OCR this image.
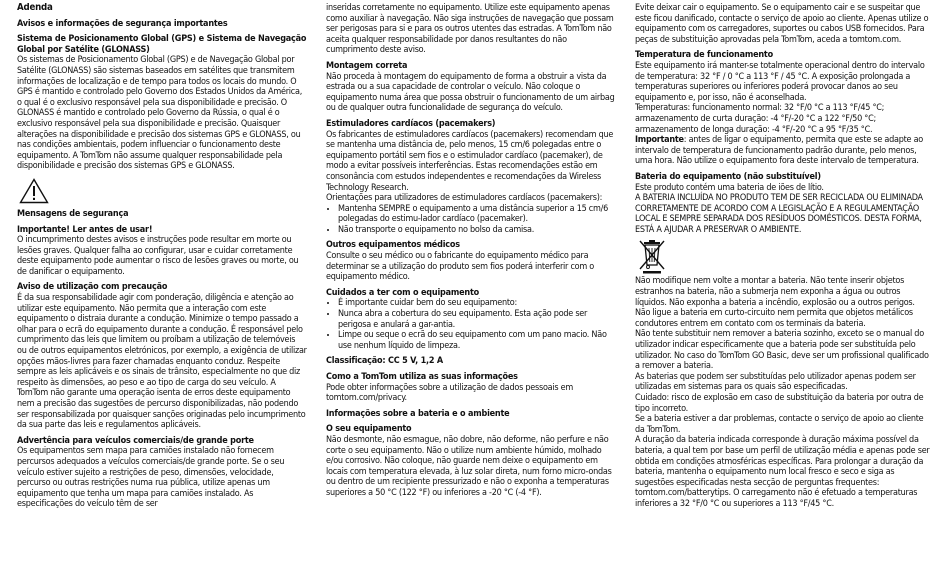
Adenda
Avisos e informações de segurança importantes
Sistema de Posicionamento Global (GPS) e Sistema de Navegação Global por Satélite (GLONASS)

Os sistemas de Posicionamento Global (GPS) e de Navegação Global por Satélite (GLONASS) são sistemas baseados em satélites que transmitem informações de localização e de tempo para todos os locais do mundo. O GPS é mantido e controlado pelo Governo dos Estados Unidos da América, o qual é o exclusivo responsável pela sua disponibilidade e precisão. O GLONASS é mantido e controlado pelo Governo da Rússia, o qual é o exclusivo responsável pela sua disponibilidade e precisão. Quaisquer alterações na disponibilidade e precisão dos sistemas GPS e GLONASS, ou nas condições ambientais, podem influenciar o funcionamento deste equipamento. A TomTom não assume qualquer responsabilidade pela disponibilidade e precisão dos sistemas GPS e GLONASS.

Mensagens de segurança
Importante! Ler antes de usar!

O incumprimento destes avisos e instruções pode resultar em morte ou lesões graves. Qualquer falha ao configurar, usar e cuidar corretamente deste equipamento pode aumentar o risco de lesões graves ou morte, ou de danificar o equipamento.

Aviso de utilização com precaução

É da sua responsabilidade agir com ponderação, diligência e atenção ao utilizar este equipamento. Não permita que a interação com este equipamento o distraia durante a condução. Minimize o tempo passado a olhar para o ecrã do equipamento durante a condução. É responsável pelo cumprimento das leis que limitem ou proíbam a utilização de telemóveis ou de outros equipamentos eletrónicos, por exemplo, a exigência de utilizar opções mãos-livres para fazer chamadas enquanto conduz. Respeite sempre as leis aplicáveis e os sinais de trânsito, especialmente no que diz respeito às dimensões, ao peso e ao tipo de carga do seu veículo. A TomTom não garante uma operação isenta de erros deste equipamento nem a precisão das sugestões de percurso disponibilizadas, não podendo ser responsabilizada por quaisquer sanções originadas pelo incumprimento da sua parte das leis e regulamentos aplicáveis.

Advertência para veículos comerciais/de grande porte

Os equipamentos sem mapa para camiões instalado não fornecem percursos adequados a veículos comerciais/de grande porte. Se o seu veículo estiver sujeito a restrições de peso, dimensões, velocidade, percurso ou outras restrições numa rua pública, utilize apenas um equipamento que tenha um mapa para camiões instalado. As especificações do veículo têm de ser

inseridas corretamente no equipamento. Utilize este equipamento apenas como auxiliar à navegação. Não siga instruções de navegação que possam ser perigosas para si e para os outros utentes das estradas. A TomTom não aceita qualquer responsabilidade por danos resultantes do não cumprimento deste aviso.

Montagem correta

Não proceda à montagem do equipamento de forma a obstruir a vista da estrada ou a sua capacidade de controlar o veículo. Não coloque o equipamento numa área que possa obstruir o funcionamento de um airbag ou de qualquer outra funcionalidade de segurança do veículo.

Estimuladores cardíacos (pacemakers)

Os fabricantes de estimuladores cardíacos (pacemakers) recomendam que se mantenha uma distância de, pelo menos, 15 cm/6 polegadas entre o equipamento portátil sem fios e o estimulador cardíaco (pacemaker), de modo a evitar possíveis interferências. Estas recomendações estão em consonância com estudos independentes e recomendações da Wireless Technology Research.

Orientações para utilizadores de estimuladores cardíacos (pacemakers):

• Mantenha SEMPRE o equipamento a uma distância superior a 15 cm/6 polegadas do estimu-lador cardíaco (pacemaker).
• Não transporte o equipamento no bolso da camisa.
Outros equipamentos médicos

Consulte o seu médico ou o fabricante do equipamento médico para determinar se a utilização do produto sem fios poderá interferir com o equipamento médico.

Cuidados a ter com o equipamento
• É importante cuidar bem do seu equipamento:
• Nunca abra a cobertura do seu equipamento. Esta ação pode ser perigosa e anulará a gar-antia.
• Limpe ou seque o ecrã do seu equipamento com um pano macio. Não use nenhum líquido de limpeza.
Classificação: CC 5 V, 1,2 A
Como a TomTom utiliza as suas informações

Pode obter informações sobre a utilização de dados pessoais em tomtom.com/privacy.

Informações sobre a bateria e o ambiente
O seu equipamento

Não desmonte, não esmague, não dobre, não deforme, não perfure e não corte o seu equipamento. Não o utilize num ambiente húmido, molhado e/ou corrosivo. Não coloque, não guarde nem deixe o equipamento em locais com temperatura elevada, à luz solar direta, num forno micro-ondas ou dentro de um recipiente pressurizado e não o exponha a temperaturas superiores a 50 °C (122 °F) ou inferiores a -20 °C (-4 °F).

Evite deixar cair o equipamento. Se o equipamento cair e se suspeitar que este ficou danificado, contacte o serviço de apoio ao cliente. Apenas utilize o equipamento com os carregadores, suportes ou cabos USB fornecidos. Para peças de substituição aprovadas pela TomTom, aceda a tomtom.com.

Temperatura de funcionamento

Este equipamento irá manter-se totalmente operacional dentro do intervalo de temperatura: 32 °F / 0 °C a 113 °F / 45 °C. A exposição prolongada a temperaturas superiores ou inferiores poderá provocar danos ao seu equipamento e, por isso, não é aconselhada.

Temperaturas: funcionamento normal: 32 °F/0 °C a 113 °F/45 °C;

armazenamento de curta duração: -4 °F/-20 °C a 122 °F/50 °C;

armazenamento de longa duração: -4 °F/-20 °C a 95 °F/35 °C.

Importante: antes de ligar o equipamento, permita que este se adapte ao intervalo de temperatura de funcionamento padrão durante, pelo menos, uma hora. Não utilize o equipamento fora deste intervalo de temperatura.

Bateria do equipamento (não substituível)

Este produto contém uma bateria de iões de lítio.

A BATERIA INCLUÍDA NO PRODUTO TEM DE SER RECICLADA OU ELIMINADA CORRETAMENTE DE ACORDO COM A LEGISLAÇÃO E A REGULAMENTAÇÃO LOCAL E SEMPRE SEPARADA DOS RESÍDUOS DOMÉSTICOS. DESTA FORMA, ESTÁ A AJUDAR A PRESERVAR O AMBIENTE.

Não modifique nem volte a montar a bateria. Não tente inserir objetos estranhos na bateria, não a submerja nem exponha a água ou outros líquidos. Não exponha a bateria a incêndio, explosão ou a outros perigos.

Não ligue a bateria em curto-circuito nem permita que objetos metálicos condutores entrem em contato com os terminais da bateria.

Não tente substituir nem remover a bateria sozinho, exceto se o manual do utilizador indicar especificamente que a bateria pode ser substituída pelo utilizador. No caso do TomTom GO Basic, deve ser um profissional qualificado a remover a bateria.

As baterias que podem ser substituídas pelo utilizador apenas podem ser utilizadas em sistemas para os quais são especificadas.

Cuidado: risco de explosão em caso de substituição da bateria por outra de tipo incorreto.

Se a bateria estiver a dar problemas, contacte o serviço de apoio ao cliente da TomTom.

A duração da bateria indicada corresponde à duração máxima possível da bateria, a qual tem por base um perfil de utilização média e apenas pode ser obtida em condições atmosféricas específicas. Para prolongar a duração da bateria, mantenha o equipamento num local fresco e seco e siga as sugestões especificadas nesta secção de perguntas frequentes: tomtom.com/batterytips. O carregamento não é efetuado a temperaturas inferiores a 32 °F/0 °C ou superiores a 113 °F/45 °C.
